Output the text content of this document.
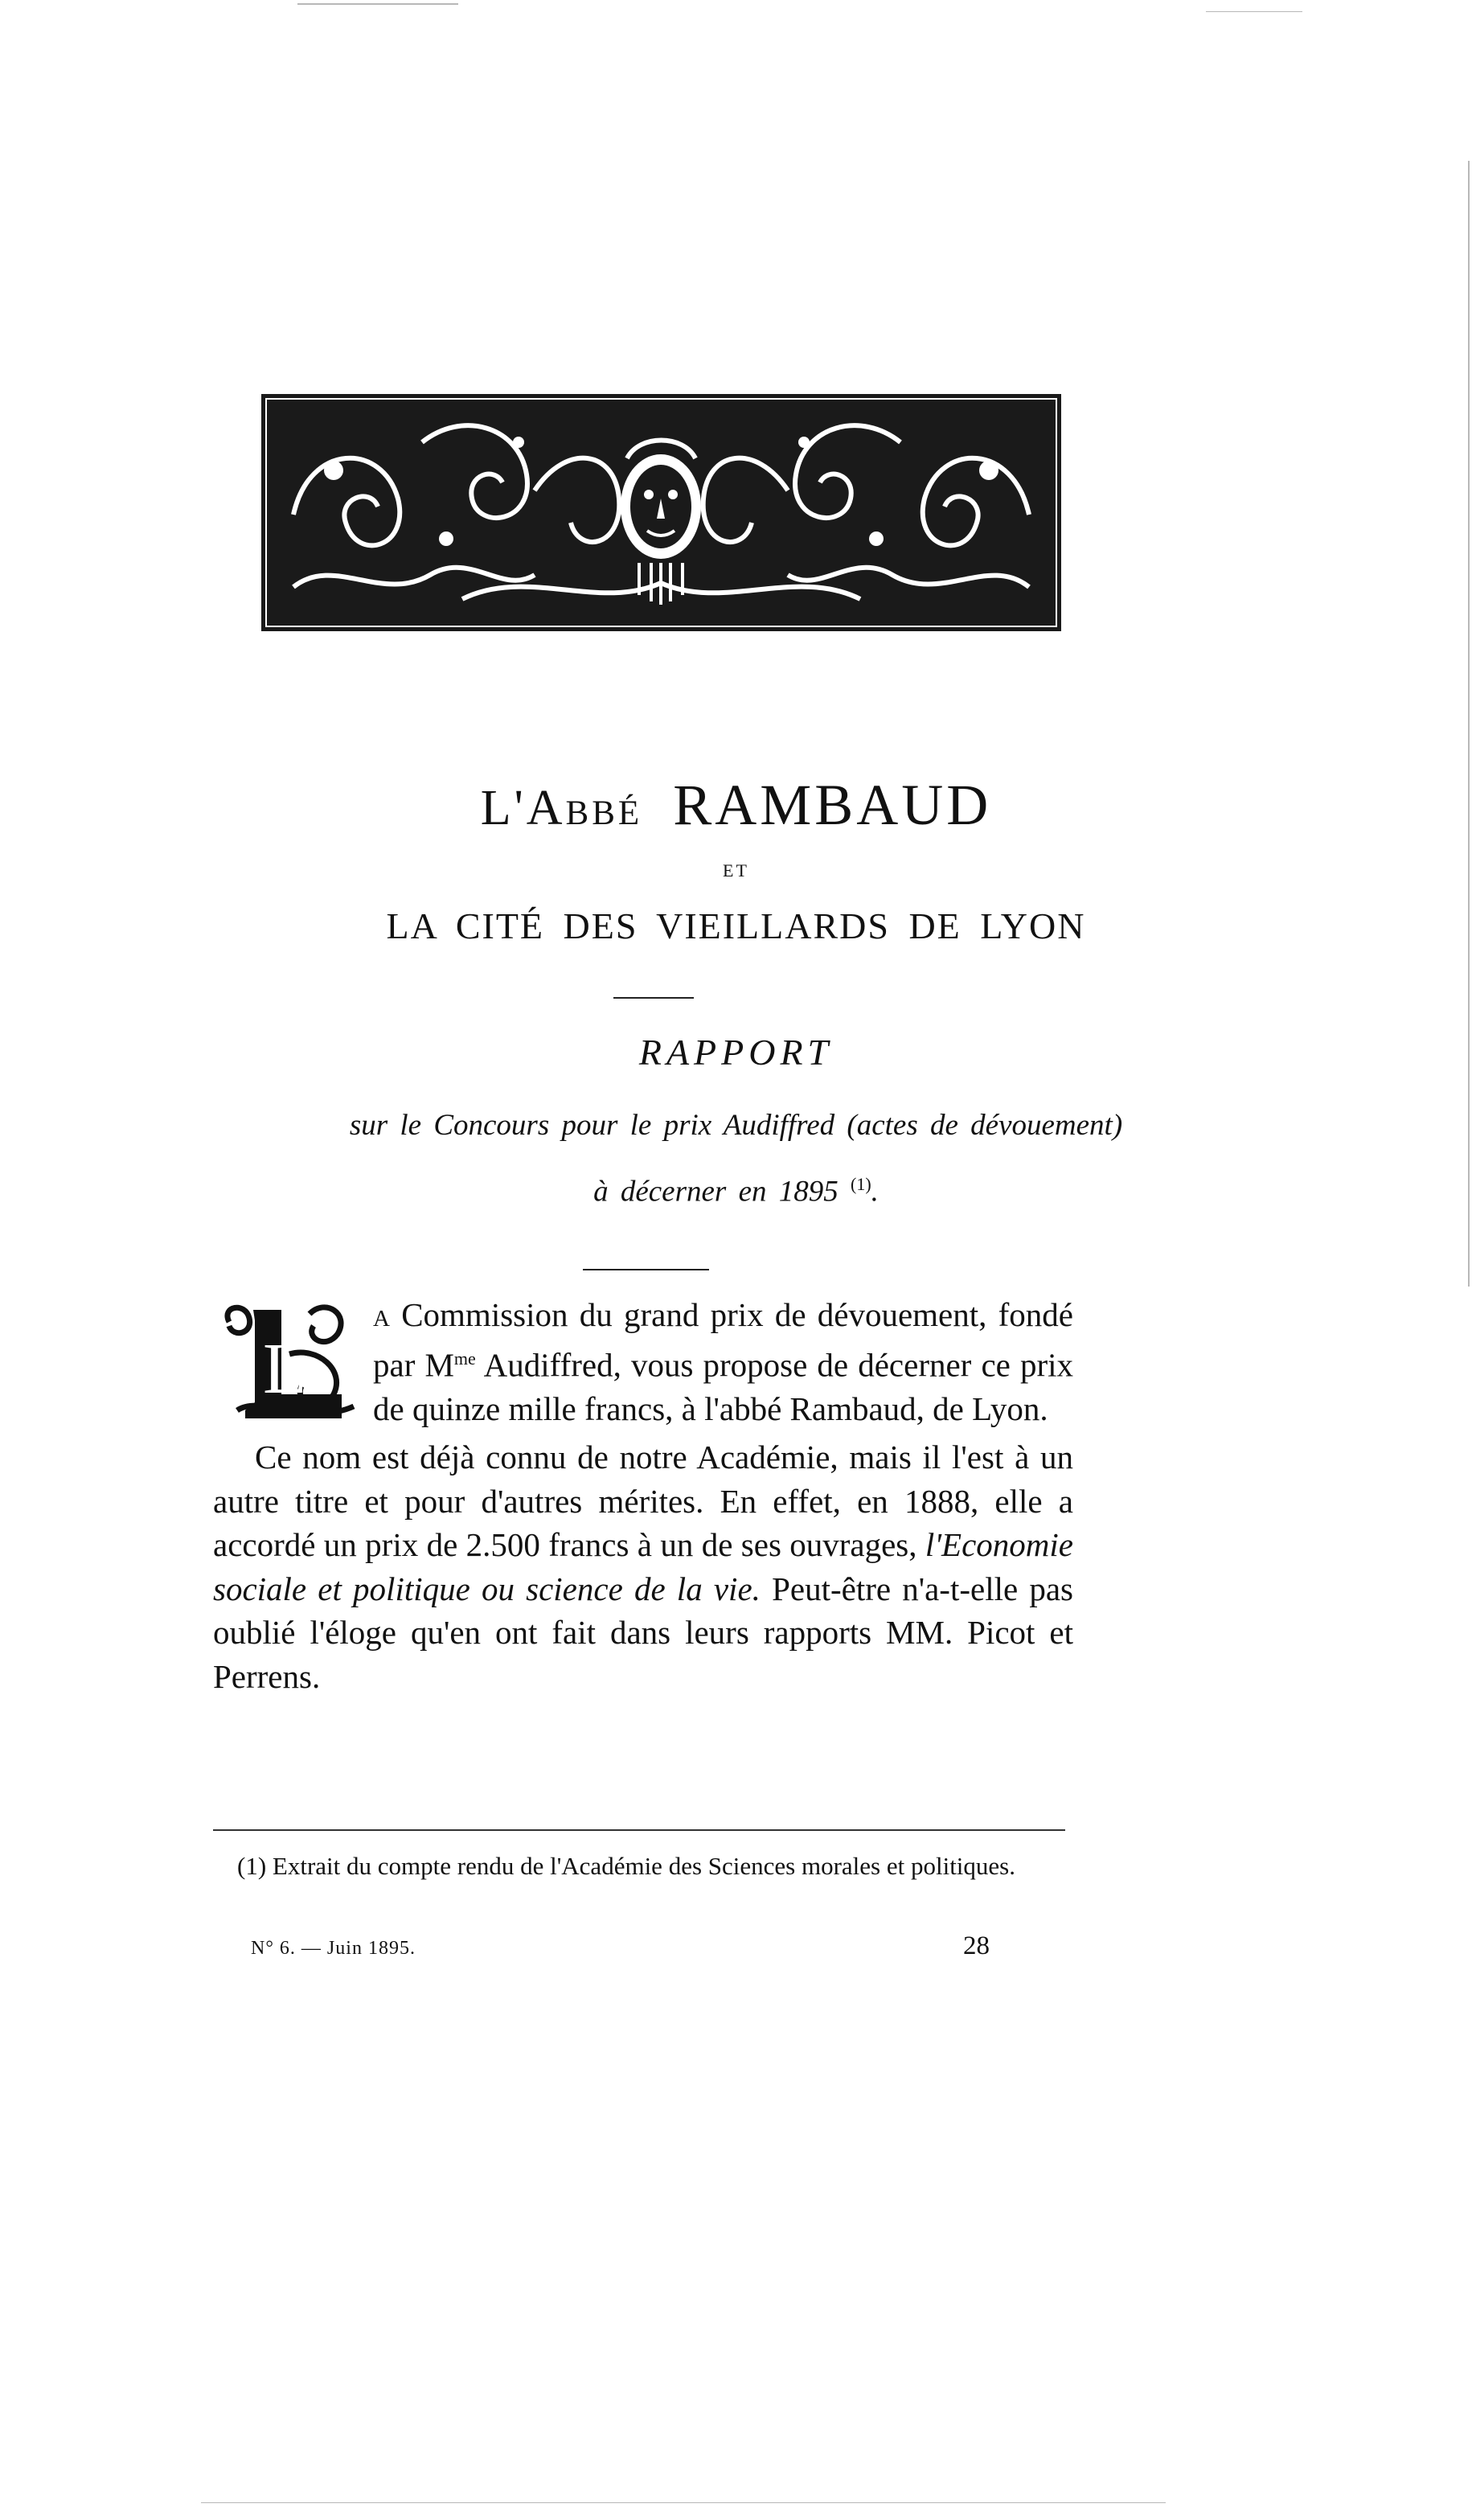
L'Abbé RAMBAUD
ET
LA CITÉ DES VIEILLARDS DE LYON
RAPPORT
sur le Concours pour le prix Audiffred (actes de dévouement)
à décerner en 1895 $^{(1)}$.
L

a Commission du grand prix de dévouement, fondé par $M^{me}$ Audiffred, vous propose de décerner ce prix de quinze mille francs, à l'abbé Rambaud, de Lyon.

Ce nom est déjà connu de notre Académie, mais il l'est à un autre titre et pour d'autres mérites. En effet, en 1888, elle a accordé un prix de 2.500 francs à un de ses ouvrages, l'Economie sociale et politique ou science de la vie. Peut-être n'a-t-elle pas oublié l'éloge qu'en ont fait dans leurs rapports MM. Picot et Perrens.

(1) Extrait du compte rendu de l'Académie des Sciences morales et politiques.
N° 6. — Juin 1895.	28
